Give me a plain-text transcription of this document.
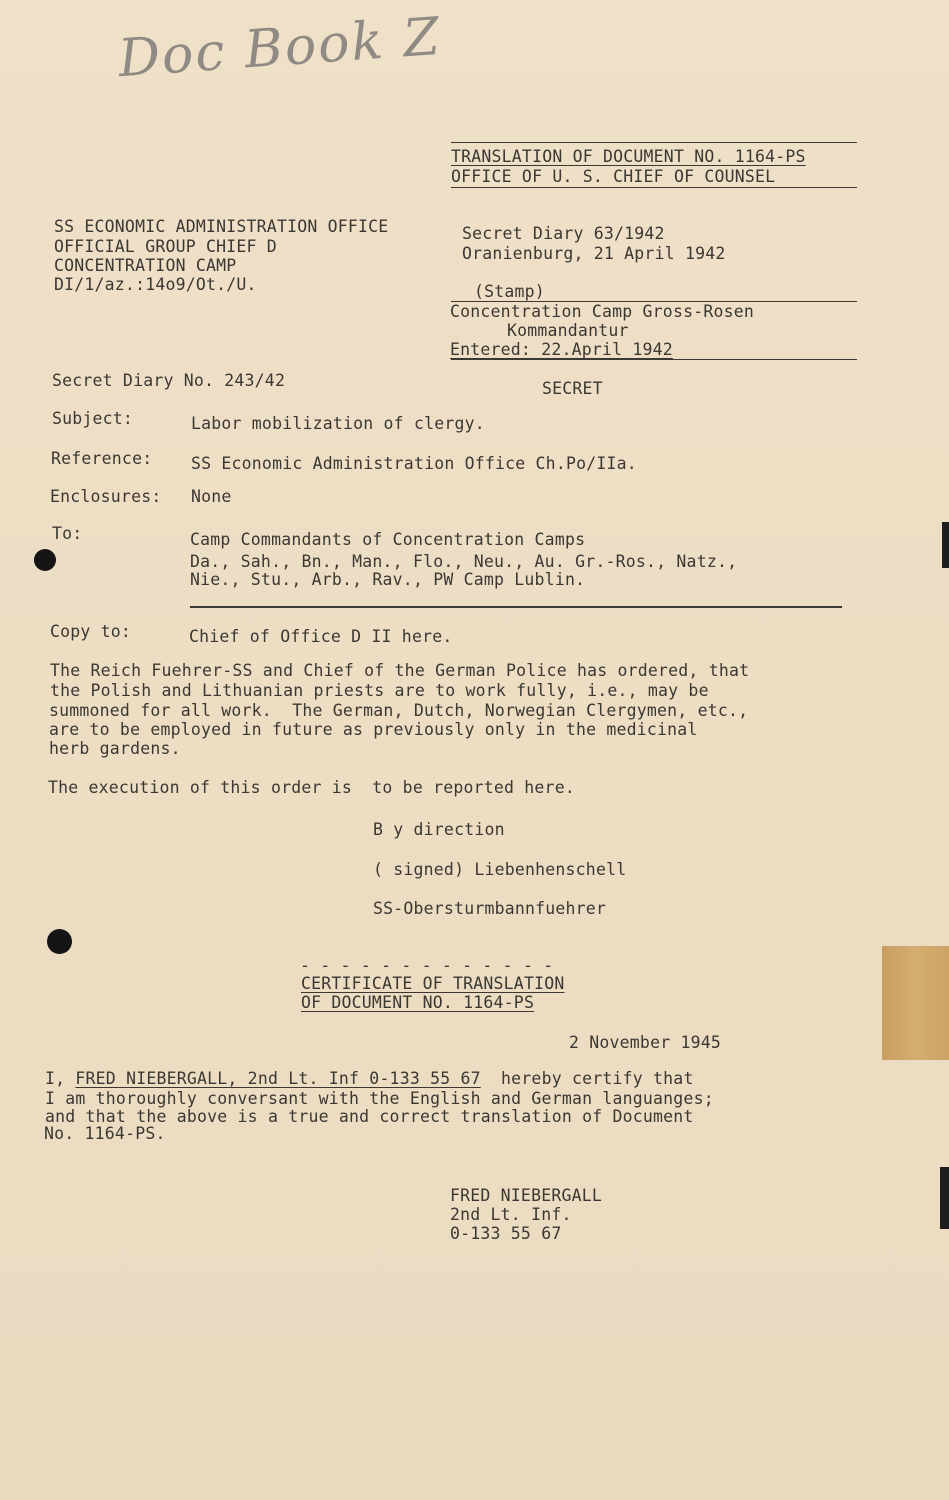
Doc Book Z
TRANSLATION OF DOCUMENT NO. 1164-PS
OFFICE OF U. S. CHIEF OF COUNSEL
SS ECONOMIC ADMINISTRATION OFFICE
OFFICIAL GROUP CHIEF D
CONCENTRATION CAMP
DI/1/az.:14o9/Ot./U.
Secret Diary 63/1942
Oranienburg, 21 April 1942
(Stamp)
Concentration Camp Gross-Rosen
Kommandantur
Entered: 22.April 1942
Secret Diary No. 243/42	SECRET
Subject:	Labor mobilization of clergy.
Reference: SS Economic Administration Office Ch.Po/IIa.
Enclosures: None
To:	Camp Commandants of Concentration Camps
Da., Sah., Bn., Man., Flo., Neu., Au. Gr.-Ros., Natz.,
Nie., Stu., Arb., Rav., PW Camp Lublin.
Copy to:	Chief of Office D II here.
The Reich Fuehrer-SS and Chief of the German Police has ordered, that
the Polish and Lithuanian priests are to work fully, i.e., may be
summoned for all work.  The German, Dutch, Norwegian Clergymen, etc.,
are to be employed in future as previously only in the medicinal
herb gardens.
The execution of this order is  to be reported here.
B y direction
( signed) Liebenhenschell
SS-Obersturmbannfuehrer
- - - - - - - - - - - - -
CERTIFICATE OF TRANSLATION
OF DOCUMENT NO. 1164-PS
2 November 1945
I, FRED NIEBERGALL, 2nd Lt. Inf 0-133 55 67  hereby certify that
I am thoroughly conversant with the English and German languanges;
and that the above is a true and correct translation of Document
No. 1164-PS.
FRED NIEBERGALL
2nd Lt. Inf.
0-133 55 67
